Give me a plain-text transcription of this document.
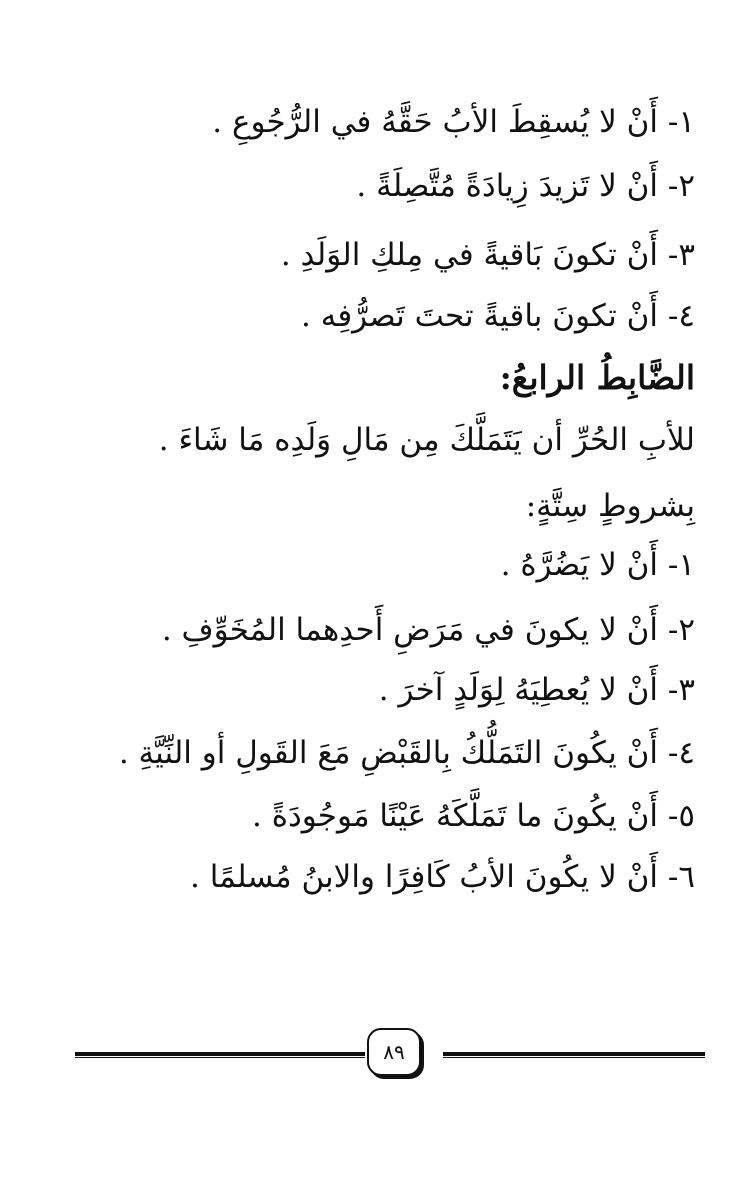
١- أَنْ لا يُسقِطَ الأبُ حَقَّهُ في الرُّجُوعِ .
٢- أَنْ لا تَزيدَ زِيادَةً مُتَّصِلَةً .
٣- أَنْ تكونَ بَاقيةً في مِلكِ الوَلَدِ .
٤- أَنْ تكونَ باقيةً تحتَ تَصرُّفِه .
الضَّابِطُ الرابعُ:
للأبِ الحُرِّ أن يَتَمَلَّكَ مِن مَالِ وَلَدِه مَا شَاءَ .
بِشروطٍ سِتَّةٍ:
١- أَنْ لا يَضُرَّهُ .
٢- أَنْ لا يكونَ في مَرَضِ أَحدِهما المُخَوِّفِ .
٣- أَنْ لا يُعطِيَهُ لِوَلَدٍ آخرَ .
٤- أَنْ يكُونَ التَمَلُّكُ بِالقَبْضِ مَعَ القَولِ أو النِّيَّةِ .
٥- أَنْ يكُونَ ما تَمَلَّكَهُ عَيْنًا مَوجُودَةً .
٦- أَنْ لا يكُونَ الأبُ كَافِرًا والابنُ مُسلمًا .
٨٩
